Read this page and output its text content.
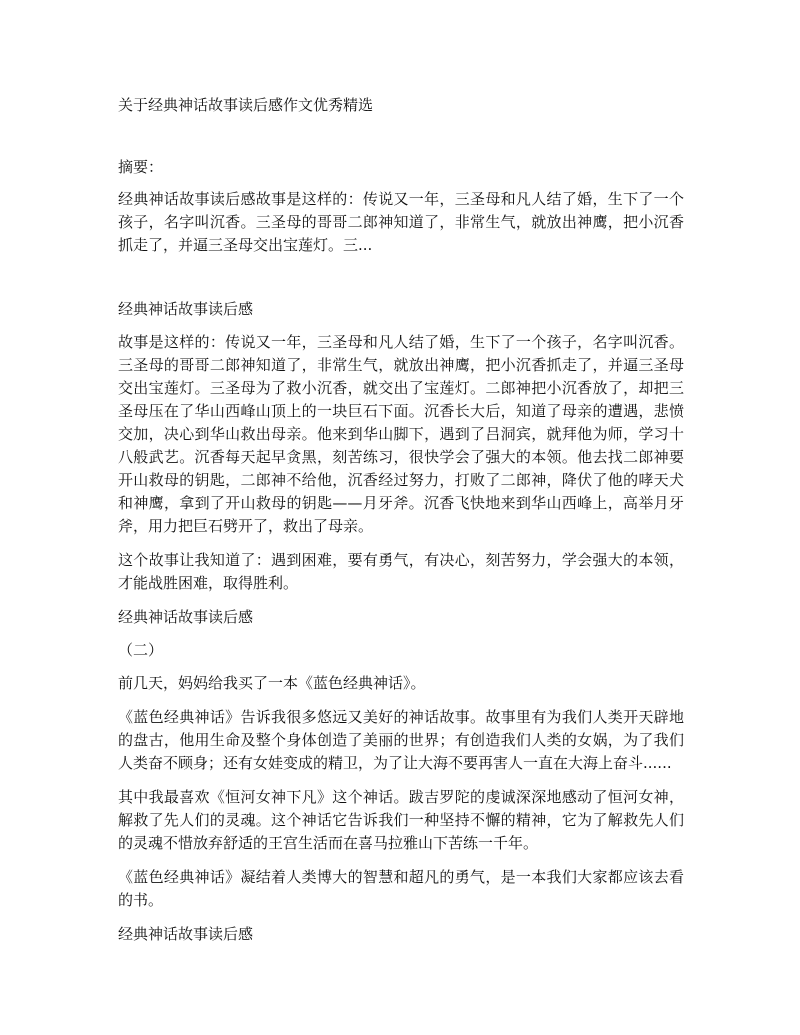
关于经典神话故事读后感作文优秀精选

摘要：

经典神话故事读后感故事是这样的：传说又一年，三圣母和凡人结了婚，生下了一个孩子，名字叫沉香。三圣母的哥哥二郎神知道了，非常生气，就放出神鹰，把小沉香抓走了，并逼三圣母交出宝莲灯。三...

经典神话故事读后感

故事是这样的：传说又一年，三圣母和凡人结了婚，生下了一个孩子，名字叫沉香。三圣母的哥哥二郎神知道了，非常生气，就放出神鹰，把小沉香抓走了，并逼三圣母交出宝莲灯。三圣母为了救小沉香，就交出了宝莲灯。二郎神把小沉香放了，却把三圣母压在了华山西峰山顶上的一块巨石下面。沉香长大后，知道了母亲的遭遇，悲愤交加，决心到华山救出母亲。他来到华山脚下，遇到了吕洞宾，就拜他为师，学习十八般武艺。沉香每天起早贪黑，刻苦练习，很快学会了强大的本领。他去找二郎神要开山救母的钥匙，二郎神不给他，沉香经过努力，打败了二郎神，降伏了他的哮天犬和神鹰，拿到了开山救母的钥匙——月牙斧。沉香飞快地来到华山西峰上，高举月牙斧，用力把巨石劈开了，救出了母亲。

这个故事让我知道了：遇到困难，要有勇气，有决心，刻苦努力，学会强大的本领，才能战胜困难，取得胜利。

经典神话故事读后感

（二）

前几天，妈妈给我买了一本《蓝色经典神话》。

《蓝色经典神话》告诉我很多悠远又美好的神话故事。故事里有为我们人类开天辟地的盘古，他用生命及整个身体创造了美丽的世界；有创造我们人类的女娲，为了我们人类奋不顾身；还有女娃变成的精卫，为了让大海不要再害人一直在大海上奋斗......

其中我最喜欢《恒河女神下凡》这个神话。跋吉罗陀的虔诚深深地感动了恒河女神，解救了先人们的灵魂。这个神话它告诉我们一种坚持不懈的精神，它为了解救先人们的灵魂不惜放弃舒适的王宫生活而在喜马拉雅山下苦练一千年。

《蓝色经典神话》凝结着人类博大的智慧和超凡的勇气，是一本我们大家都应该去看的书。

经典神话故事读后感
